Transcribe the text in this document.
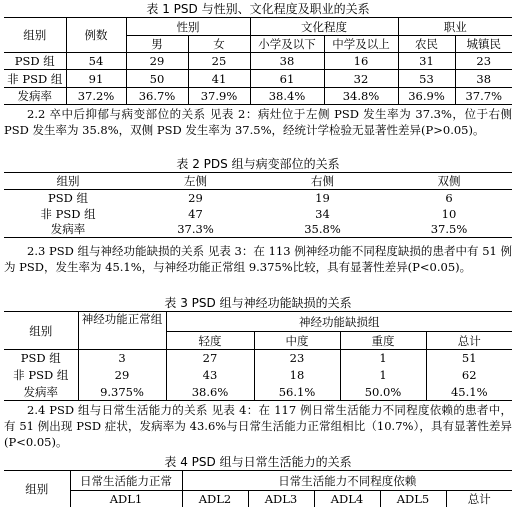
表 1 PSD 与性别、文化程度及职业的关系
组别	例数	性别		文化程度		职业	
		男	女	小学及以下	中学及以上	农民	城镇民
PSD 组	54	29	25	38	16	31	23
非 PSD 组	91	50	41	61	32	53	38
发病率	37.2%	36.7%	37.9%	38.4%	34.8%	36.9%	37.7%
2.2 卒中后抑郁与病变部位的关系 见表 2：病灶位于左侧 PSD 发生率为 37.3%，位于右侧 PSD 发生率为 35.8%，双侧 PSD 发生率为 37.5%，经统计学检验无显著性差异(P>0.05)。
表 2 PDS 组与病变部位的关系
组别	左侧	右侧	双侧
PSD 组	29	19	6
非 PSD 组	47	34	10
发病率	37.3%	35.8%	37.5%
2.3 PSD 组与神经功能缺损的关系 见表 3：在 113 例神经功能不同程度缺损的患者中有 51 例为 PSD，发生率为 45.1%，与神经功能正常组 9.375%比较，具有显著性差异(P<0.05)。
表 3 PSD 组与神经功能缺损的关系
组别	神经功能正常组	神经功能缺损组			
		轻度	中度	重度	总计
PSD 组	3	27	23	1	51
非 PSD 组	29	43	18	1	62
发病率	9.375%	38.6%	56.1%	50.0%	45.1%
2.4 PSD 组与日常生活能力的关系 见表 4：在 117 例日常生活能力不同程度依赖的患者中，有 51 例出现 PSD 症状，发病率为 43.6%与日常生活能力正常组相比（10.7%），具有显著性差异(P<0.05)。
表 4 PSD 组与日常生活能力的关系
组别	日常生活能力正常	日常生活能力不同程度依赖				
	ADL1	ADL2	ADL3	ADL4	ADL5	总计
